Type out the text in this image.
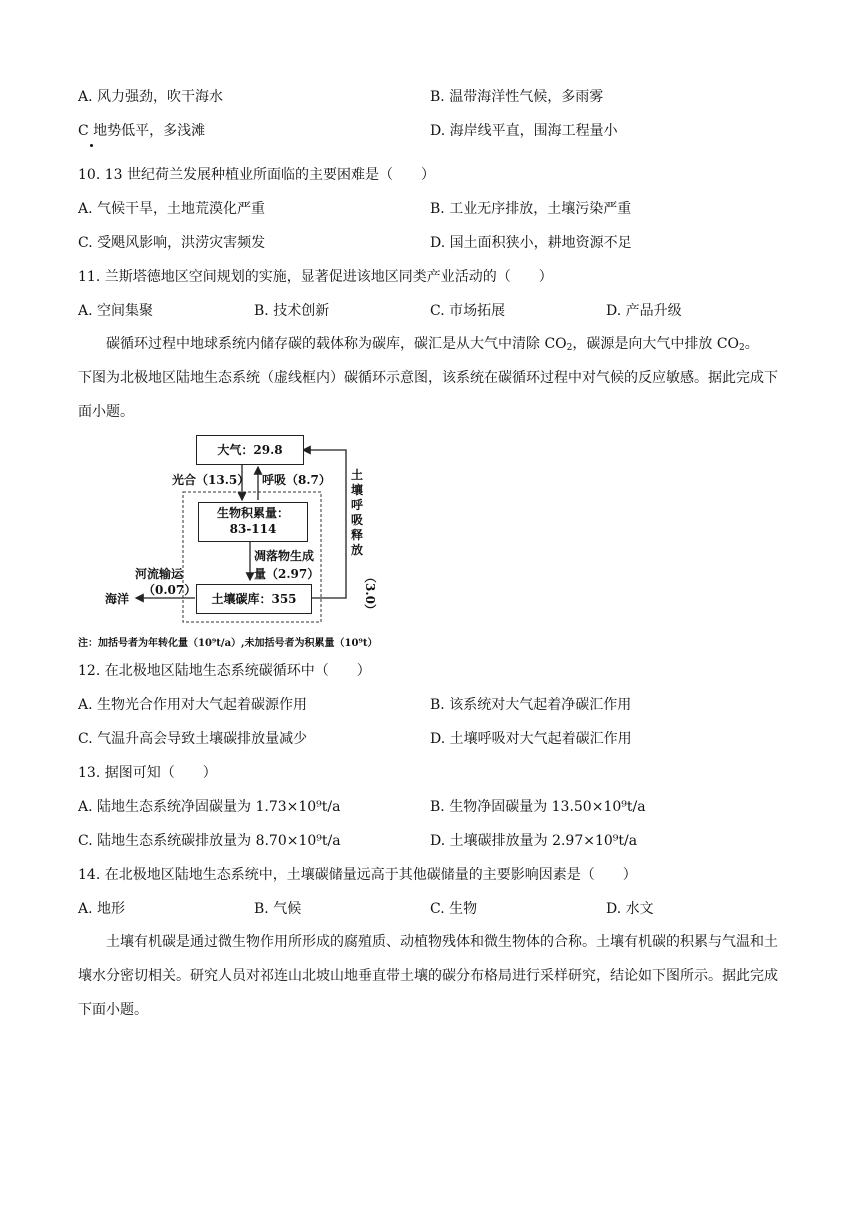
A. 风力强劲，吹干海水	B. 温带海洋性气候，多雨雾
C 地势低平，多浅滩	D. 海岸线平直，围海工程量小
10. 13 世纪荷兰发展种植业所面临的主要困难是（　　）
A. 气候干旱，土地荒漠化严重	B. 工业无序排放，土壤污染严重
C. 受飓风影响，洪涝灾害频发	D. 国土面积狭小，耕地资源不足
11. 兰斯塔德地区空间规划的实施，显著促进该地区同类产业活动的（　　）
A. 空间集聚	B. 技术创新	C. 市场拓展	D. 产品升级
碳循环过程中地球系统内储存碳的载体称为碳库，碳汇是从大气中清除 $CO_2$，碳源是向大气中排放 $CO_2$。
下图为北极地区陆地生态系统（虚线框内）碳循环示意图，该系统在碳循环过程中对气候的反应敏感。据此完成下面小题。
大气：29.8
生物积累量：
83-114
土壤碳库：355
光合（13.5） 呼吸（8.7）
凋落物生成
量（2.97）
河流输运
（0.07）
海洋
土
壤
呼
吸
释
放
（3.0）
注：加括号者为年转化量（10⁹t/a）,未加括号者为积累量（10⁹t）
12. 在北极地区陆地生态系统碳循环中（　　）
A. 生物光合作用对大气起着碳源作用	B. 该系统对大气起着净碳汇作用
C. 气温升高会导致土壤碳排放量减少	D. 土壤呼吸对大气起着碳汇作用
13. 据图可知（　　）
A. 陆地生态系统净固碳量为 1.73×10⁹t/a	B. 生物净固碳量为 13.50×10⁹t/a
C. 陆地生态系统碳排放量为 8.70×10⁹t/a	D. 土壤碳排放量为 2.97×10⁹t/a
14. 在北极地区陆地生态系统中，土壤碳储量远高于其他碳储量的主要影响因素是（　　）
A. 地形	B. 气候	C. 生物	D. 水文
土壤有机碳是通过微生物作用所形成的腐殖质、动植物残体和微生物体的合称。土壤有机碳的积累与气温和土壤水分密切相关。研究人员对祁连山北坡山地垂直带土壤的碳分布格局进行采样研究，结论如下图所示。据此完成下面小题。
